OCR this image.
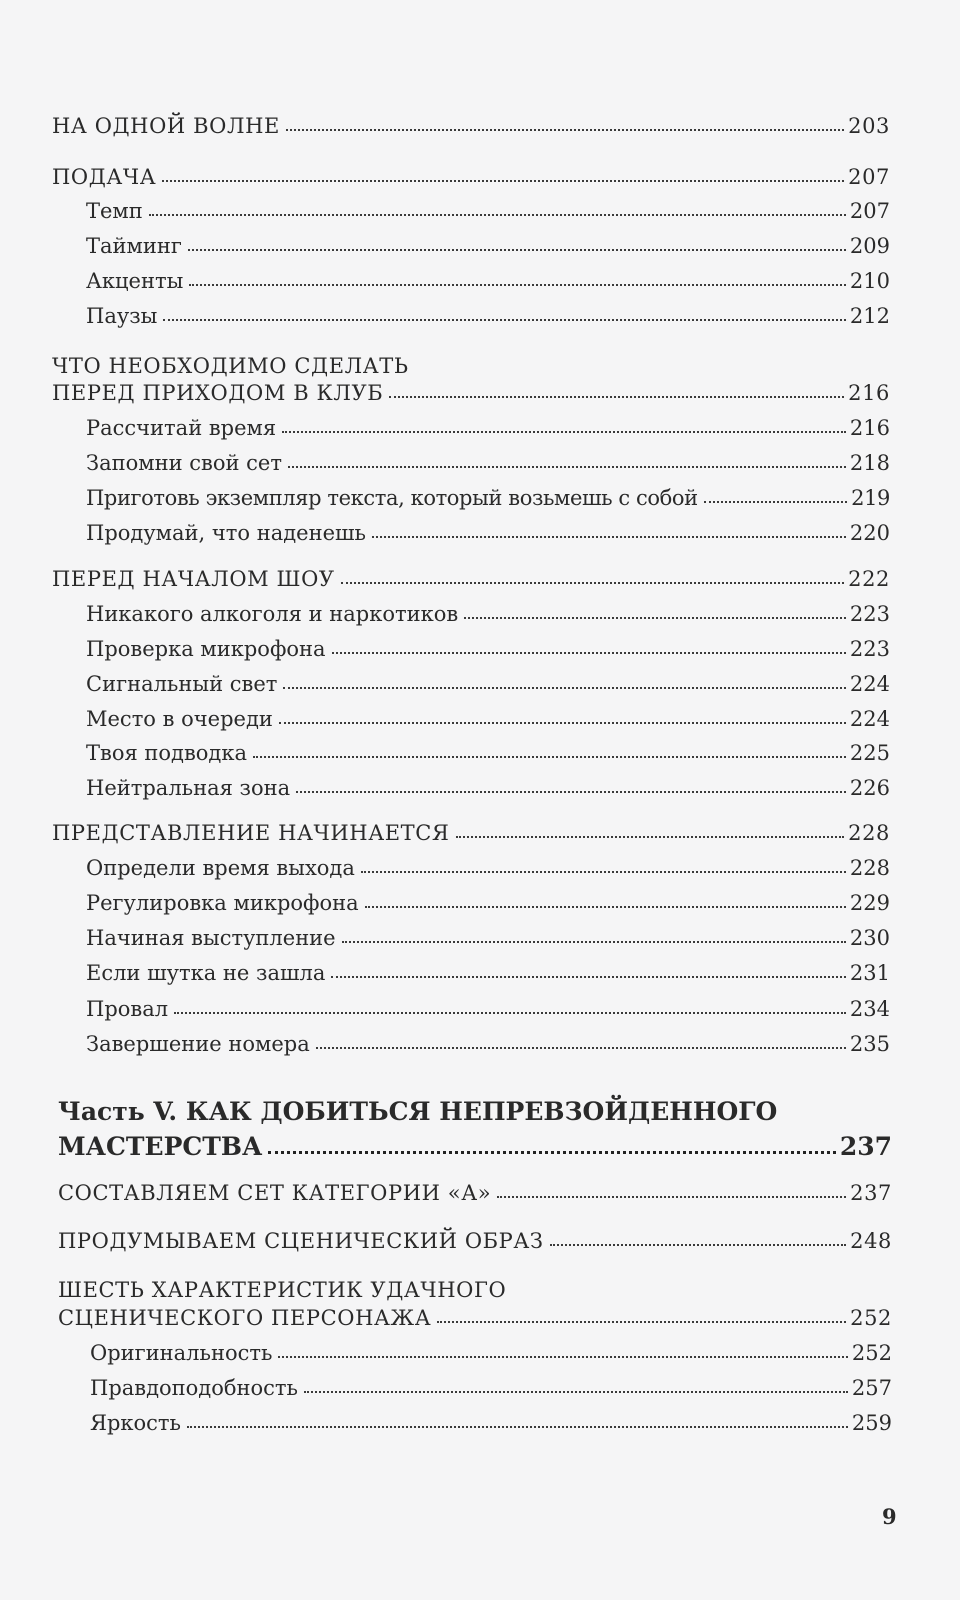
НА ОДНОЙ ВОЛНЕ	203
ПОДАЧА	207
Темп	207
Тайминг	209
Акценты	210
Паузы	212
ЧТО НЕОБХОДИМО СДЕЛАТЬ
ПЕРЕД ПРИХОДОМ В КЛУБ	216
Рассчитай время	216
Запомни свой сет	218
Приготовь экземпляр текста, который возьмешь с собой	219
Продумай, что наденешь	220
ПЕРЕД НАЧАЛОМ ШОУ	222
Никакого алкоголя и наркотиков	223
Проверка микрофона	223
Сигнальный свет	224
Место в очереди	224
Твоя подводка	225
Нейтральная зона	226
ПРЕДСТАВЛЕНИЕ НАЧИНАЕТСЯ	228
Определи время выхода	228
Регулировка микрофона	229
Начиная выступление	230
Если шутка не зашла	231
Провал	234
Завершение номера	235
Часть V. КАК ДОБИТЬСЯ НЕПРЕВЗОЙДЕННОГО
МАСТЕРСТВА	237
СОСТАВЛЯЕМ СЕТ КАТЕГОРИИ «А»	237
ПРОДУМЫВАЕМ СЦЕНИЧЕСКИЙ ОБРАЗ	248
ШЕСТЬ ХАРАКТЕРИСТИК УДАЧНОГО
СЦЕНИЧЕСКОГО ПЕРСОНАЖА	252
Оригинальность	252
Правдоподобность	257
Яркость	259
9
